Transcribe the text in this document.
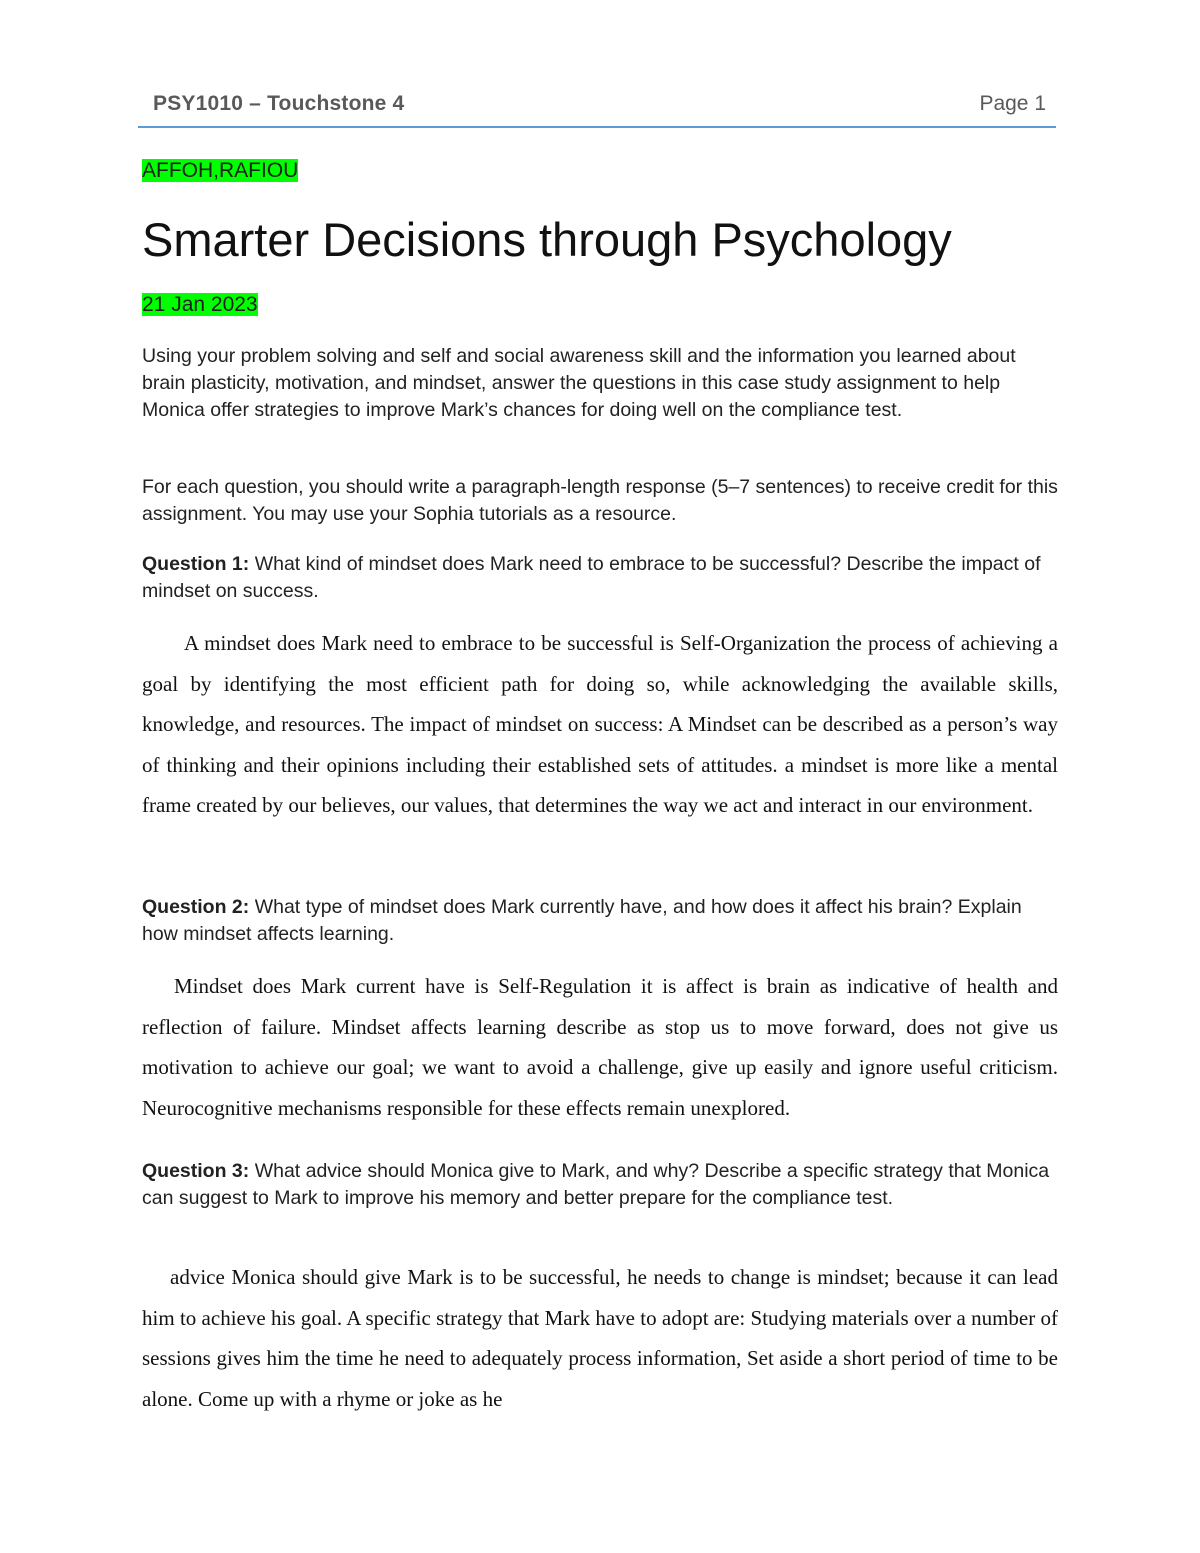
PSY1010 – Touchstone 4	Page 1
AFFOH,RAFIOU
Smarter Decisions through Psychology
21 Jan 2023
Using your problem solving and self and social awareness skill and the information you learned about brain plasticity, motivation, and mindset, answer the questions in this case study assignment to help Monica offer strategies to improve Mark’s chances for doing well on the compliance test.
For each question, you should write a paragraph-length response (5–7 sentences) to receive credit for this assignment. You may use your Sophia tutorials as a resource.
Question 1: What kind of mindset does Mark need to embrace to be successful? Describe the impact of mindset on success.
A mindset does Mark need to embrace to be successful is Self-Organization the process of achieving a goal by identifying the most efficient path for doing so, while acknowledging the available skills, knowledge, and resources. The impact of mindset on success: A Mindset can be described as a person’s way of thinking and their opinions including their established sets of attitudes. a mindset is more like a mental frame created by our believes, our values, that determines the way we act and interact in our environment.
Question 2: What type of mindset does Mark currently have, and how does it affect his brain? Explain how mindset affects learning.
Mindset does Mark current have is Self-Regulation it is affect is brain as indicative of health and reflection of failure. Mindset affects learning describe as stop us to move forward, does not give us motivation to achieve our goal; we want to avoid a challenge, give up easily and ignore useful criticism. Neurocognitive mechanisms responsible for these effects remain unexplored.
Question 3: What advice should Monica give to Mark, and why? Describe a specific strategy that Monica can suggest to Mark to improve his memory and better prepare for the compliance test.
advice Monica should give Mark is to be successful, he needs to change is mindset; because it can lead him to achieve his goal. A specific strategy that Mark have to adopt are: Studying materials over a number of sessions gives him the time he need to adequately process information, Set aside a short period of time to be alone. Come up with a rhyme or joke as he
